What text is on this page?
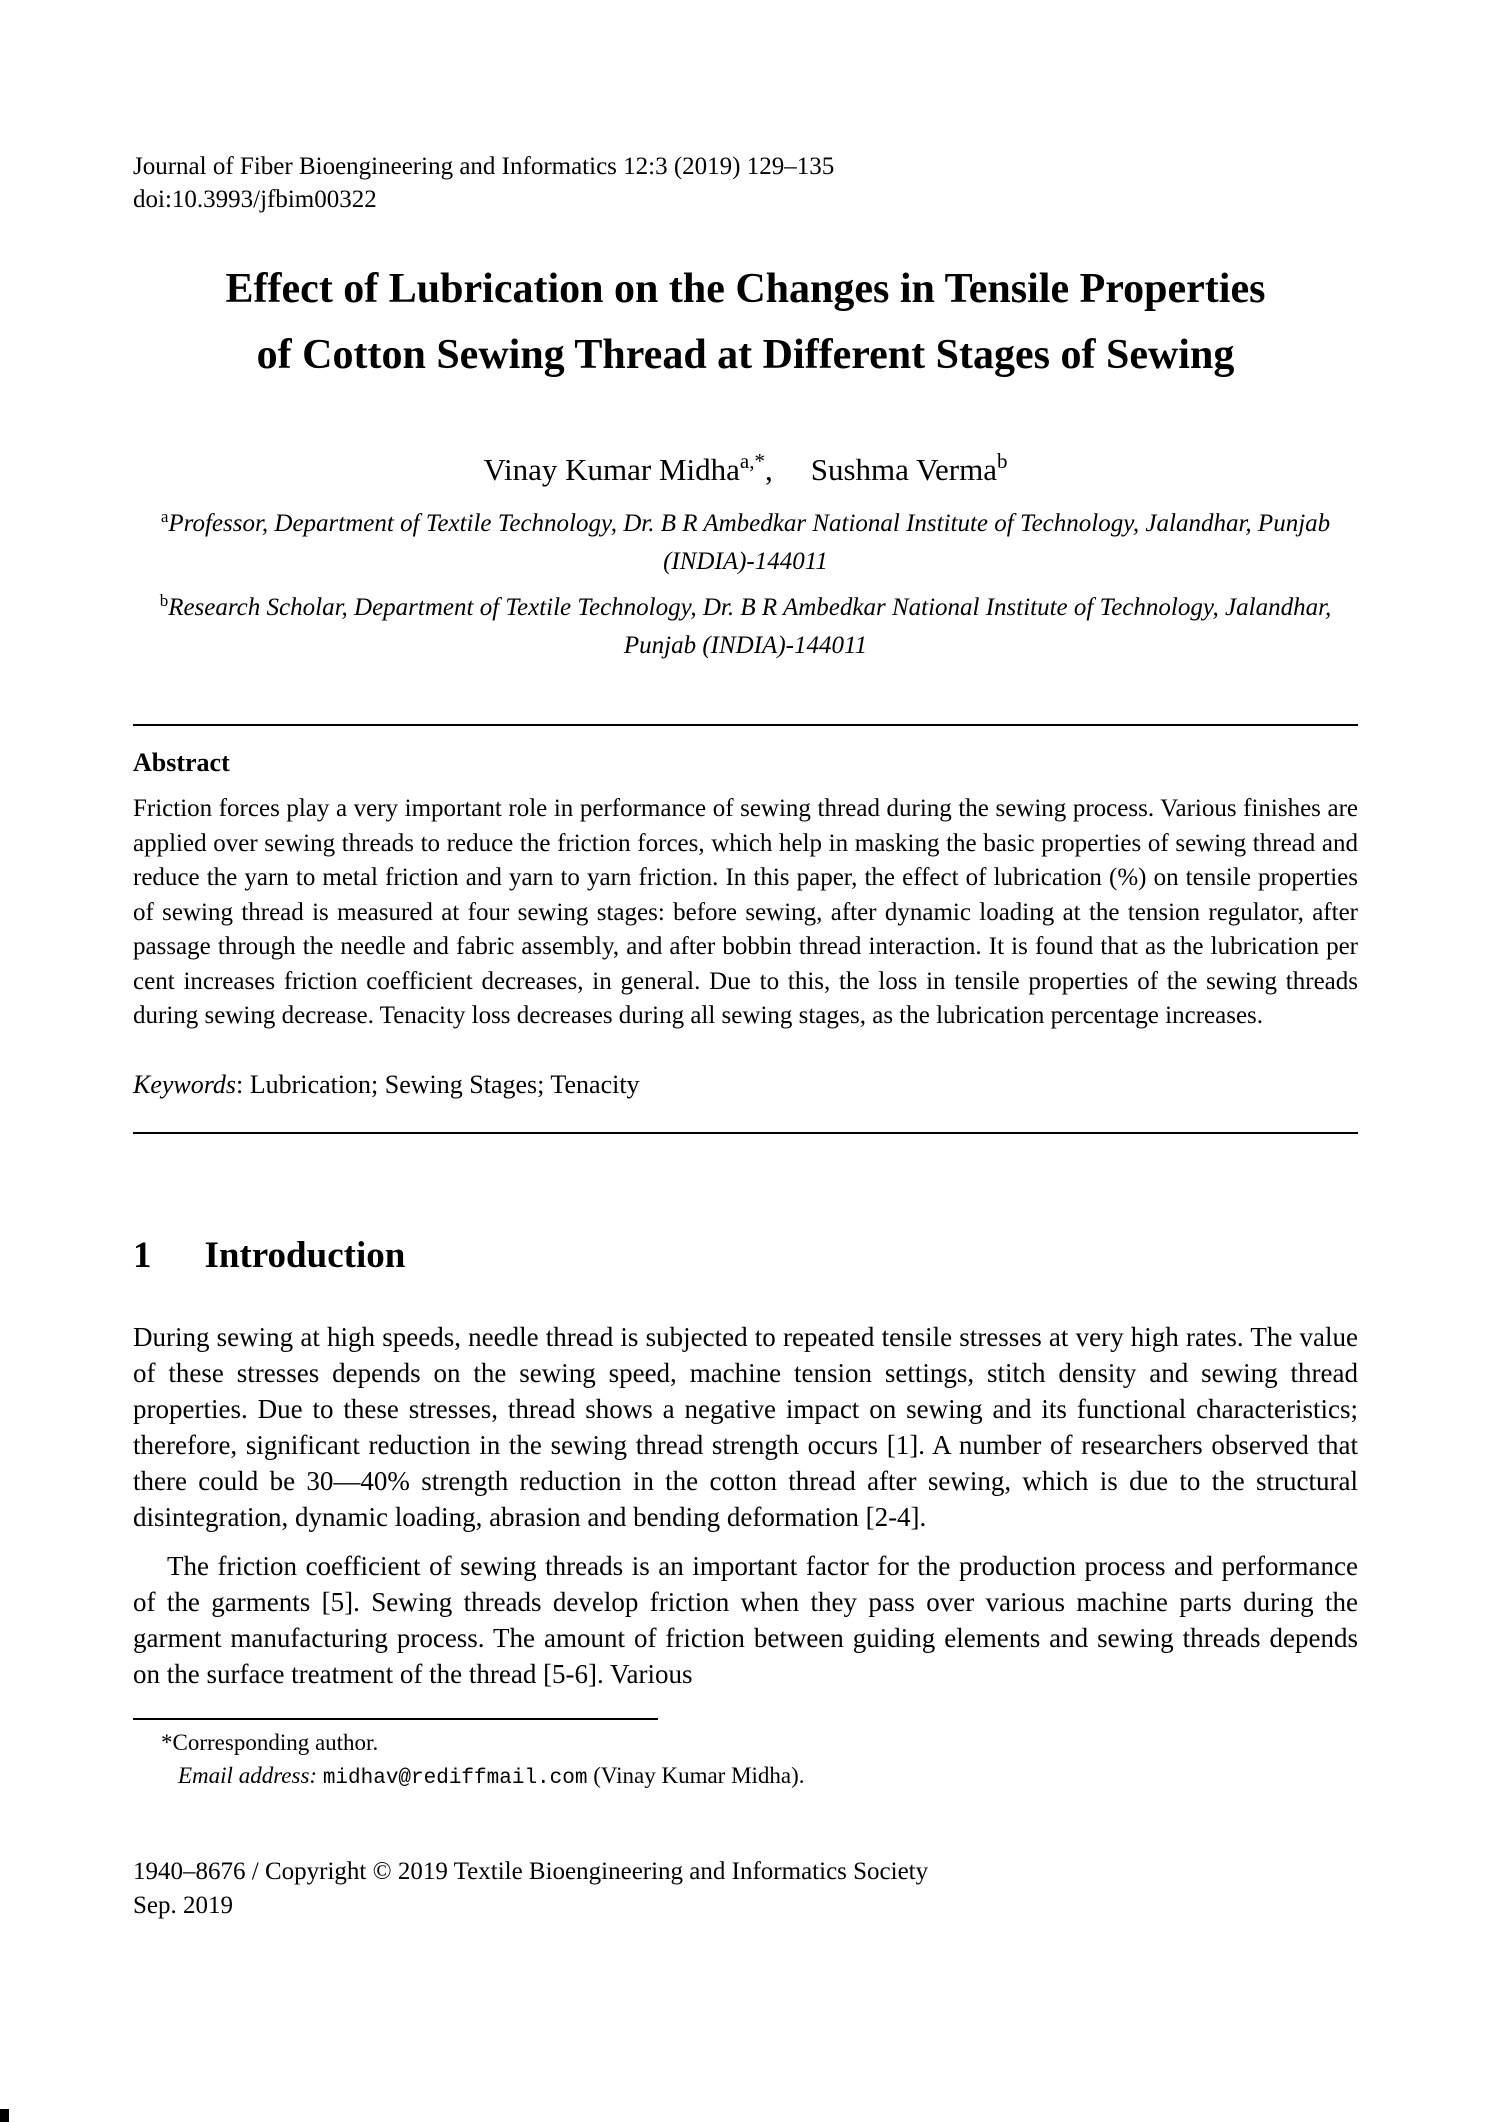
Journal of Fiber Bioengineering and Informatics 12:3 (2019) 129–135
doi:10.3993/jfbim00322
Effect of Lubrication on the Changes in Tensile Properties
of Cotton Sewing Thread at Different Stages of Sewing
Vinay Kumar Midha$^{a,*}$, Sushma Verma$^b$
$^a$Professor, Department of Textile Technology, Dr. B R Ambedkar National Institute of Technology, Jalandhar, Punjab (INDIA)-144011
$^b$Research Scholar, Department of Textile Technology, Dr. B R Ambedkar National Institute of Technology, Jalandhar, Punjab (INDIA)-144011
Abstract
Friction forces play a very important role in performance of sewing thread during the sewing process. Various finishes are applied over sewing threads to reduce the friction forces, which help in masking the basic properties of sewing thread and reduce the yarn to metal friction and yarn to yarn friction. In this paper, the effect of lubrication (%) on tensile properties of sewing thread is measured at four sewing stages: before sewing, after dynamic loading at the tension regulator, after passage through the needle and fabric assembly, and after bobbin thread interaction. It is found that as the lubrication per cent increases friction coefficient decreases, in general. Due to this, the loss in tensile properties of the sewing threads during sewing decrease. Tenacity loss decreases during all sewing stages, as the lubrication percentage increases.
Keywords: Lubrication; Sewing Stages; Tenacity
1 Introduction
During sewing at high speeds, needle thread is subjected to repeated tensile stresses at very high rates. The value of these stresses depends on the sewing speed, machine tension settings, stitch density and sewing thread properties. Due to these stresses, thread shows a negative impact on sewing and its functional characteristics; therefore, significant reduction in the sewing thread strength occurs [1]. A number of researchers observed that there could be 30—40% strength reduction in the cotton thread after sewing, which is due to the structural disintegration, dynamic loading, abrasion and bending deformation [2-4].
The friction coefficient of sewing threads is an important factor for the production process and performance of the garments [5]. Sewing threads develop friction when they pass over various machine parts during the garment manufacturing process. The amount of friction between guiding elements and sewing threads depends on the surface treatment of the thread [5-6]. Various
*Corresponding author.
Email address: midhav@rediffmail.com (Vinay Kumar Midha).
1940–8676 / Copyright © 2019 Textile Bioengineering and Informatics Society
Sep. 2019
